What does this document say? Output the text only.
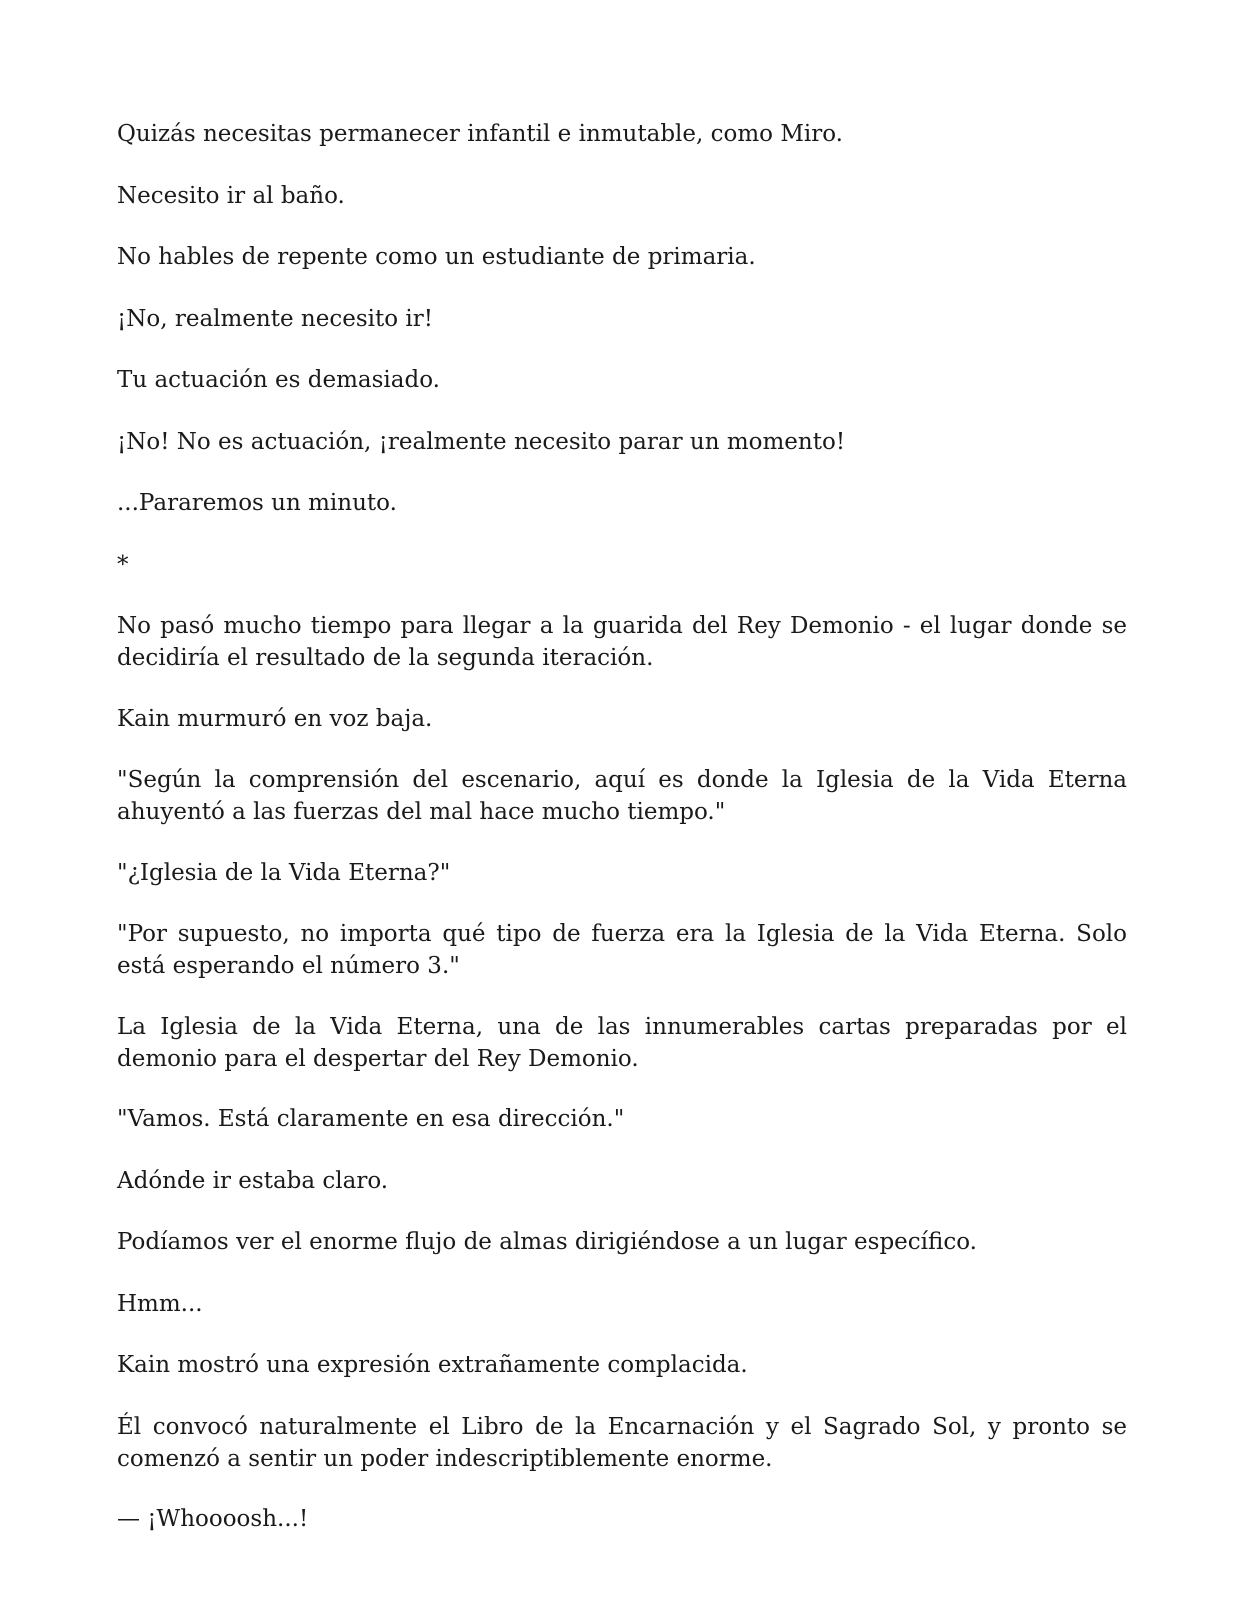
Quizás necesitas permanecer infantil e inmutable, como Miro.

Necesito ir al baño.

No hables de repente como un estudiante de primaria.

¡No, realmente necesito ir!

Tu actuación es demasiado.

¡No! No es actuación, ¡realmente necesito parar un momento!

...Pararemos un minuto.

*

No pasó mucho tiempo para llegar a la guarida del Rey Demonio - el lugar donde se decidiría el resultado de la segunda iteración.

Kain murmuró en voz baja.

"Según la comprensión del escenario, aquí es donde la Iglesia de la Vida Eterna ahuyentó a las fuerzas del mal hace mucho tiempo."

"¿Iglesia de la Vida Eterna?"

"Por supuesto, no importa qué tipo de fuerza era la Iglesia de la Vida Eterna. Solo está esperando el número 3."

La Iglesia de la Vida Eterna, una de las innumerables cartas preparadas por el demonio para el despertar del Rey Demonio.

"Vamos. Está claramente en esa dirección."

Adónde ir estaba claro.

Podíamos ver el enorme flujo de almas dirigiéndose a un lugar específico.

Hmm...

Kain mostró una expresión extrañamente complacida.

Él convocó naturalmente el Libro de la Encarnación y el Sagrado Sol, y pronto se comenzó a sentir un poder indescriptiblemente enorme.

— ¡Whoooosh...!
